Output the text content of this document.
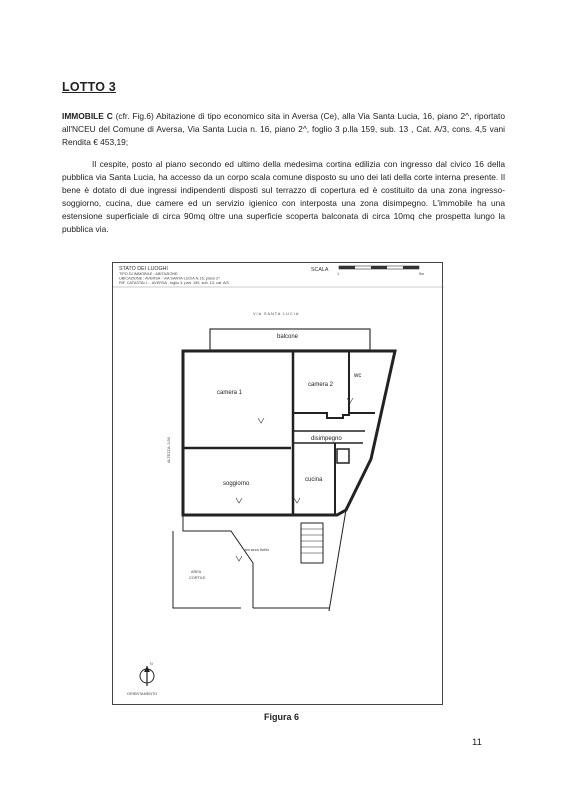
LOTTO 3
IMMOBILE C (cfr. Fig.6) Abitazione di tipo economico sita in Aversa (Ce), alla Via Santa Lucia, 16, piano 2^, riportato all'NCEU del Comune di Aversa, Via Santa Lucia n. 16, piano 2^, foglio 3 p.lla 159, sub. 13 , Cat. A/3, cons. 4,5 vani Rendita € 453,19;
Il cespite, posto al piano secondo ed ultimo della medesima cortina edilizia con ingresso dal civico 16 della pubblica via Santa Lucia, ha accesso da un corpo scala comune disposto su uno dei lati della corte interna presente. Il bene è dotato di due ingressi indipendenti disposti sul terrazzo di copertura ed è costituito da una zona ingresso-soggiorno, cucina, due camere ed un servizio igienico con interposta una zona disimpegno. L'immobile ha una estensione superficiale di circa 90mq oltre una superficie scoperta balconata di circa 10mq che prospetta lungo la pubblica via.
STATO DEI LUOGHI
TIPO DI IMMOBILE : ABITAZIONE
UBICAZIONE : AVERSA - VIA SANTA LUCIA N.16, piano 2^
RIF. CATASTALI : - AVERSA , foglio 3, part. 159, sub. 13, cat. A/3
SCALA
1	5m
VIA SANTA LUCIA
balcone
camera 1
camera 2
wc
disimpegno
soggiorno
cucina
terrazza livello
AREA
CORTILE
ALTEZZA: 3,50
N
ORIENTAMENTO
Figura 6
11
